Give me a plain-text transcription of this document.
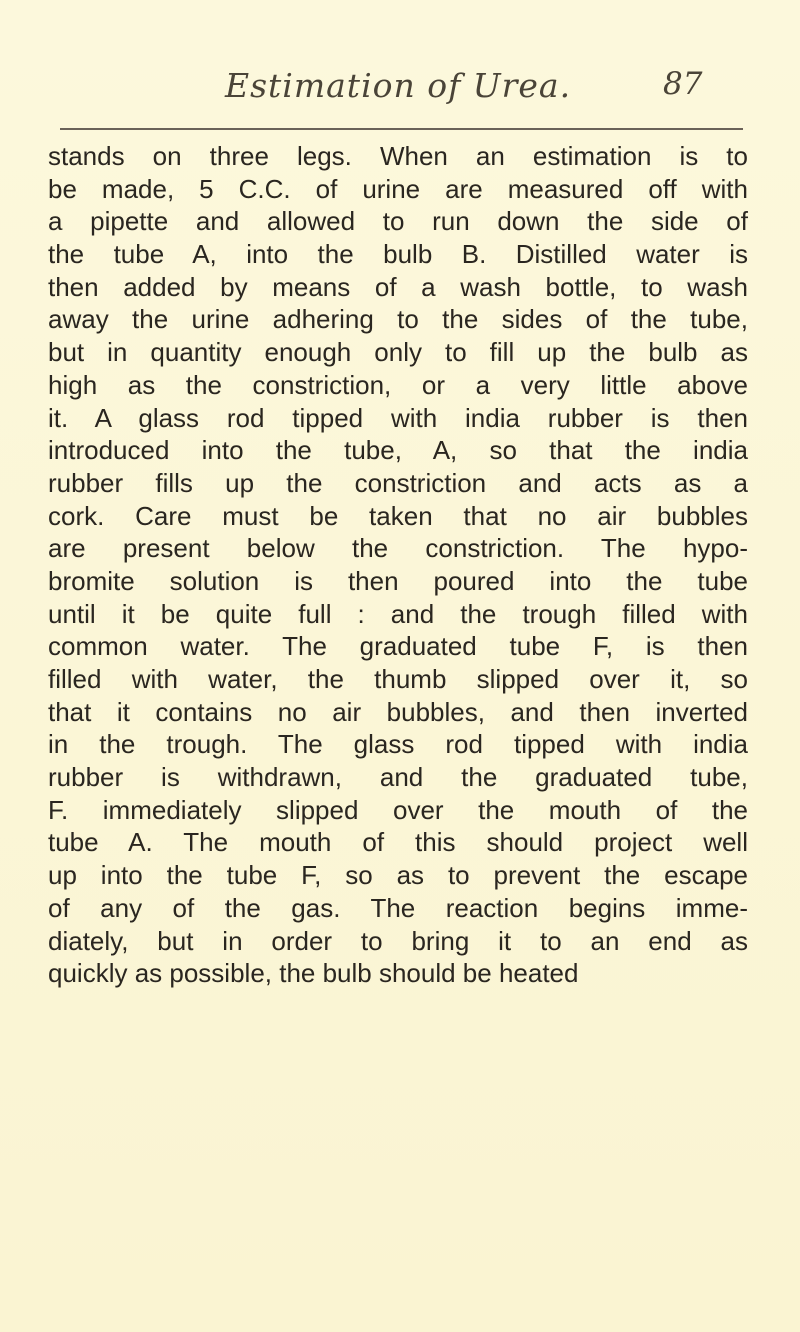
Estimation of Urea.	87
stands on three legs. When an estimation is to
be made, 5 C.C. of urine are measured off with
a pipette and allowed to run down the side of
the tube A, into the bulb B. Distilled water is
then added by means of a wash bottle, to wash
away the urine adhering to the sides of the tube,
but in quantity enough only to fill up the bulb as
high as the constriction, or a very little above
it. A glass rod tipped with india rubber is then
introduced into the tube, A, so that the india
rubber fills up the constriction and acts as a
cork. Care must be taken that no air bubbles
are present below the constriction. The hypo-
bromite solution is then poured into the tube
until it be quite full : and the trough filled with
common water. The graduated tube F, is then
filled with water, the thumb slipped over it, so
that it contains no air bubbles, and then inverted
in the trough. The glass rod tipped with india
rubber is withdrawn, and the graduated tube,
F. immediately slipped over the mouth of the
tube A. The mouth of this should project well
up into the tube F, so as to prevent the escape
of any of the gas. The reaction begins imme-
diately, but in order to bring it to an end as
quickly as possible, the bulb should be heated
